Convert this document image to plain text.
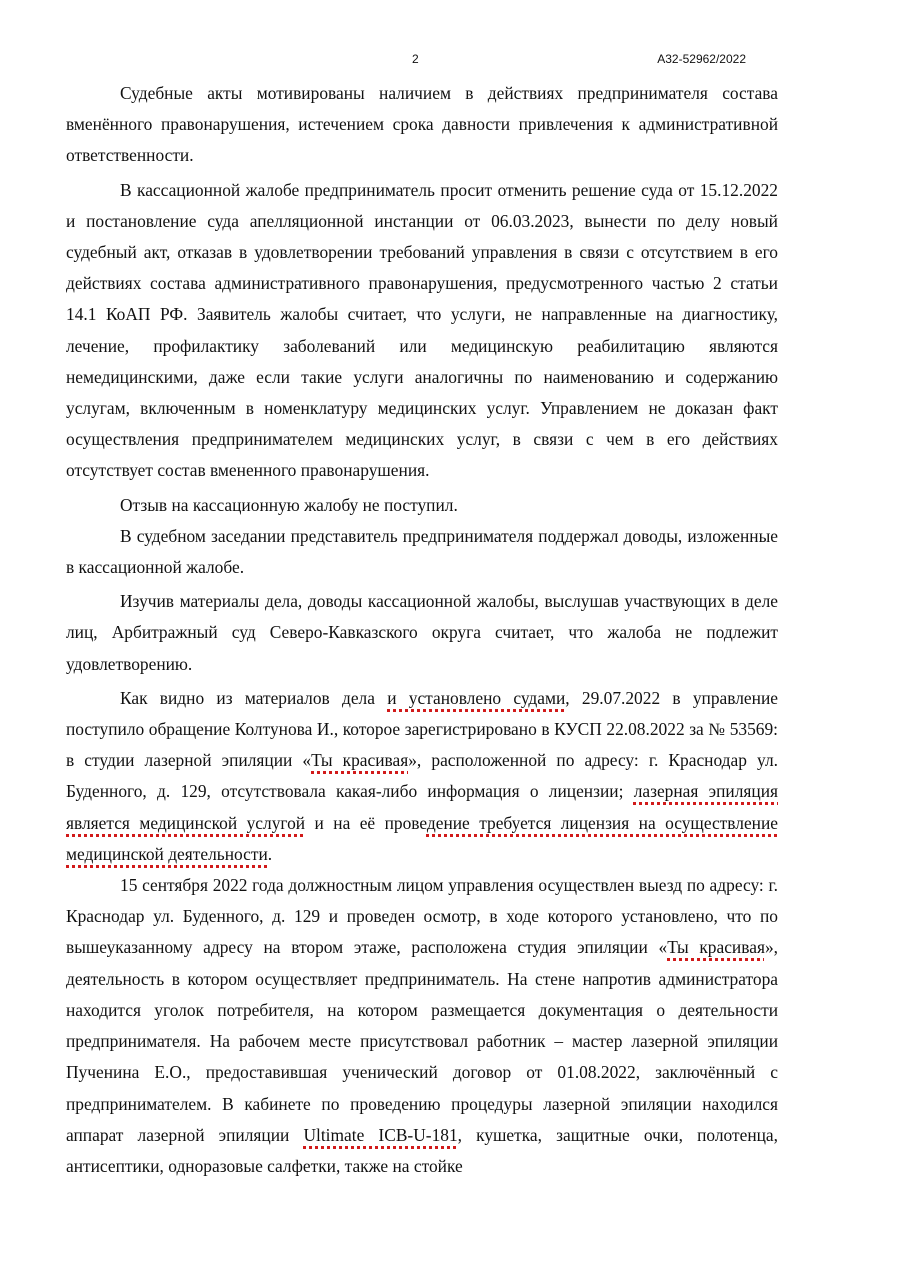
2	А32-52962/2022

Судебные акты мотивированы наличием в действиях предпринимателя состава вменённого правонарушения, истечением срока давности привлечения к административной ответственности.

В кассационной жалобе предприниматель просит отменить решение суда от 15.12.2022 и постановление суда апелляционной инстанции от 06.03.2023, вынести по делу новый судебный акт, отказав в удовлетворении требований управления в связи с отсутствием в его действиях состава административного правонарушения, предусмотренного частью 2 статьи 14.1 КоАП РФ. Заявитель жалобы считает, что услуги, не направленные на диагностику, лечение, профилактику заболеваний или медицинскую реабилитацию являются немедицинскими, даже если такие услуги аналогичны по наименованию и содержанию услугам, включенным в номенклатуру медицинских услуг. Управлением не доказан факт осуществления предпринимателем медицинских услуг, в связи с чем в его действиях отсутствует состав вмененного правонарушения.

Отзыв на кассационную жалобу не поступил.

В судебном заседании представитель предпринимателя поддержал доводы, изложенные в кассационной жалобе.

Изучив материалы дела, доводы кассационной жалобы, выслушав участвующих в деле лиц, Арбитражный суд Северо-Кавказского округа считает, что жалоба не подлежит удовлетворению.

Как видно из материалов дела и установлено судами, 29.07.2022 в управление поступило обращение Колтунова И., которое зарегистрировано в КУСП 22.08.2022 за № 53569: в студии лазерной эпиляции «Ты красивая», расположенной по адресу: г. Краснодар ул. Буденного, д. 129, отсутствовала какая-либо информация о лицензии; лазерная эпиляция является медицинской услугой и на её проведение требуется лицензия на осуществление медицинской деятельности.

15 сентября 2022 года должностным лицом управления осуществлен выезд по адресу: г. Краснодар ул. Буденного, д. 129 и проведен осмотр, в ходе которого установлено, что по вышеуказанному адресу на втором этаже, расположена студия эпиляции «Ты красивая», деятельность в котором осуществляет предприниматель. На стене напротив администратора находится уголок потребителя, на котором размещается документация о деятельности предпринимателя. На рабочем месте присутствовал работник – мастер лазерной эпиляции Пученина Е.О., предоставившая ученический договор от 01.08.2022, заключённый с предпринимателем. В кабинете по проведению процедуры лазерной эпиляции находился аппарат лазерной эпиляции Ultimate ICB-U-181, кушетка, защитные очки, полотенца, антисептики, одноразовые салфетки, также на стойке
